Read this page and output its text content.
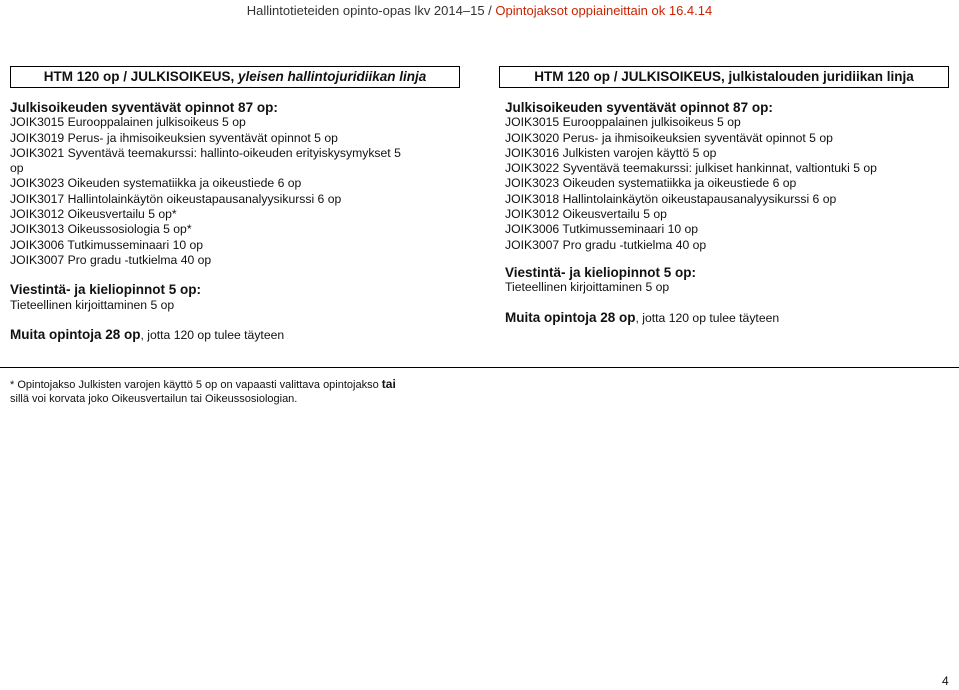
Hallintotieteiden opinto-opas lkv 2014–15 / Opintojaksot oppiaineittain ok 16.4.14
HTM 120 op / JULKISOIKEUS, yleisen hallintojuridiikan linja
Julkisoikeuden syventävät opinnot 87 op:
JOIK3015 Eurooppalainen julkisoikeus 5 op
JOIK3019 Perus- ja ihmisoikeuksien syventävät opinnot 5 op
JOIK3021 Syventävä teemakurssi: hallinto-oikeuden erityiskysymykset 5
op
JOIK3023 Oikeuden systematiikka ja oikeustiede 6 op
JOIK3017 Hallintolainkäytön oikeustapausanalyysikurssi 6 op
JOIK3012 Oikeusvertailu 5 op*
JOIK3013 Oikeussosiologia 5 op*
JOIK3006 Tutkimusseminaari 10 op
JOIK3007 Pro gradu -tutkielma 40 op
Viestintä- ja kieliopinnot 5 op:
Tieteellinen kirjoittaminen 5 op
Muita opintoja 28 op, jotta 120 op tulee täyteen
HTM 120 op / JULKISOIKEUS, julkistalouden juridiikan linja
Julkisoikeuden syventävät opinnot 87 op:
JOIK3015 Eurooppalainen julkisoikeus 5 op
JOIK3020 Perus- ja ihmisoikeuksien syventävät opinnot 5 op
JOIK3016 Julkisten varojen käyttö 5 op
JOIK3022 Syventävä teemakurssi: julkiset hankinnat, valtiontuki 5 op
JOIK3023 Oikeuden systematiikka ja oikeustiede 6 op
JOIK3018 Hallintolainkäytön oikeustapausanalyysikurssi 6 op
JOIK3012 Oikeusvertailu 5 op
JOIK3006 Tutkimusseminaari 10 op
JOIK3007 Pro gradu -tutkielma 40 op
Viestintä- ja kieliopinnot 5 op:
Tieteellinen kirjoittaminen 5 op
Muita opintoja 28 op, jotta 120 op tulee täyteen
* Opintojakso Julkisten varojen käyttö 5 op on vapaasti valittava opintojakso tai
sillä voi korvata joko Oikeusvertailun tai Oikeussosiologian.
4
